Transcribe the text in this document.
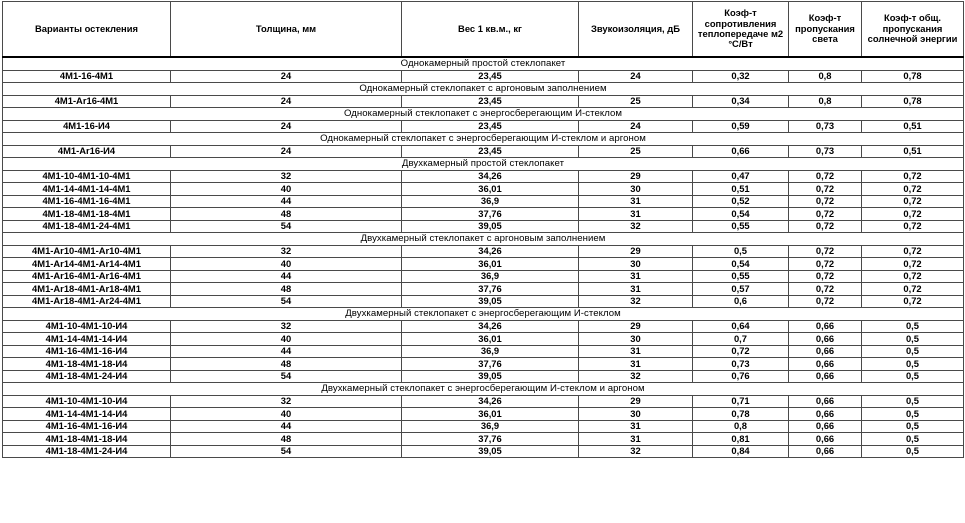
Варианты остекления	Толщина, мм	Вес 1 кв.м., кг	Звукоизоляция, дБ	Коэф-т сопротивления теплопередаче м2 °С/Вт	Коэф-т пропускания света	Коэф-т общ. пропускания солнечной энергии
Однокамерный простой стеклопакет						
4М1-16-4М1	24	23,45	24	0,32	0,8	0,78
Однокамерный стеклопакет с аргоновым заполнением						
4М1-Ar16-4М1	24	23,45	25	0,34	0,8	0,78
Однокамерный стеклопакет с энергосберегающим И-стеклом						
4М1-16-И4	24	23,45	24	0,59	0,73	0,51
Однокамерный стеклопакет с энергосберегающим И-стеклом и аргоном						
4М1-Ar16-И4	24	23,45	25	0,66	0,73	0,51
Двухкамерный простой стеклопакет						
4М1-10-4М1-10-4М1	32	34,26	29	0,47	0,72	0,72
4М1-14-4М1-14-4М1	40	36,01	30	0,51	0,72	0,72
4М1-16-4М1-16-4М1	44	36,9	31	0,52	0,72	0,72
4М1-18-4М1-18-4М1	48	37,76	31	0,54	0,72	0,72
4М1-18-4М1-24-4М1	54	39,05	32	0,55	0,72	0,72
Двухкамерный стеклопакет с аргоновым заполнением						
4М1-Ar10-4М1-Ar10-4М1	32	34,26	29	0,5	0,72	0,72
4М1-Ar14-4М1-Ar14-4М1	40	36,01	30	0,54	0,72	0,72
4М1-Ar16-4М1-Ar16-4М1	44	36,9	31	0,55	0,72	0,72
4М1-Ar18-4М1-Ar18-4М1	48	37,76	31	0,57	0,72	0,72
4М1-Ar18-4М1-Ar24-4М1	54	39,05	32	0,6	0,72	0,72
Двухкамерный стеклопакет с энергосберегающим И-стеклом						
4М1-10-4М1-10-И4	32	34,26	29	0,64	0,66	0,5
4М1-14-4М1-14-И4	40	36,01	30	0,7	0,66	0,5
4М1-16-4М1-16-И4	44	36,9	31	0,72	0,66	0,5
4М1-18-4М1-18-И4	48	37,76	31	0,73	0,66	0,5
4М1-18-4М1-24-И4	54	39,05	32	0,76	0,66	0,5
Двухкамерный стеклопакет с энергосберегающим И-стеклом и аргоном						
4М1-10-4М1-10-И4	32	34,26	29	0,71	0,66	0,5
4М1-14-4М1-14-И4	40	36,01	30	0,78	0,66	0,5
4М1-16-4М1-16-И4	44	36,9	31	0,8	0,66	0,5
4М1-18-4М1-18-И4	48	37,76	31	0,81	0,66	0,5
4М1-18-4М1-24-И4	54	39,05	32	0,84	0,66	0,5
